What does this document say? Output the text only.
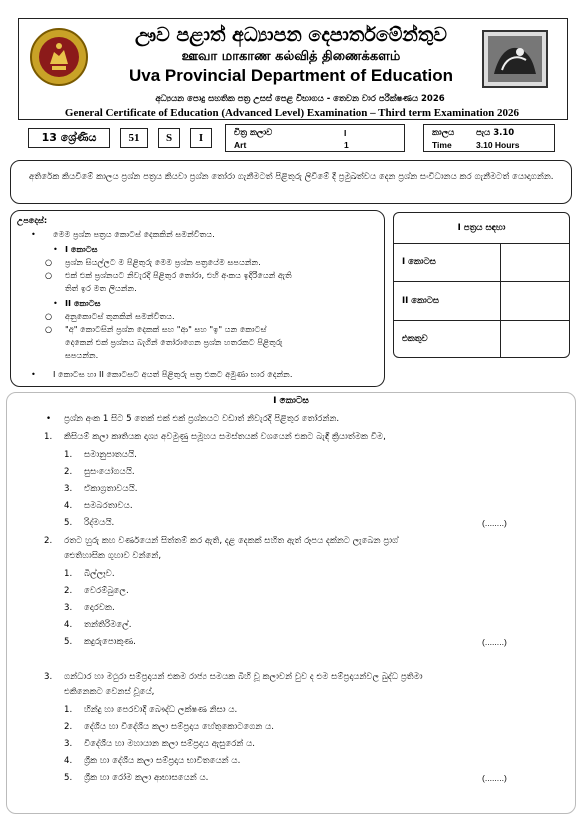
ඌව පළාත් අධ්‍යාපන දෙපාර්තමේන්තුව
ஊவா மாகாண கல்வித் திணைக்களம்
Uva Provincial Department of Education
අධ්‍යයන පොදු සහතික පත්‍ර උසස් පෙළ විභාගය - තෙවන වාර පරීක්ෂණය 2026
General Certificate of Education (Advanced Level) Examination – Third term Examination 2026
13 ශ්‍රේණිය	51	S	I	චිත්‍ර කලාව
Art
I
1
කාලය	පැය 3.10
Time	3.10 Hours

අතිරේක කියවීමේ කාලය ප්‍රශ්න පත්‍රය කියවා ප්‍රශ්න තෝරා ගැනීමටත් පිළිතුරු ලිවීමේ දී ප්‍රමුඛත්වය දෙන ප්‍රශ්න සංවිධානය කර ගැනීමටත් යොදාගන්න.

උපදෙස්:
• මෙම ප්‍රශ්න පත්‍රය කොටස් දෙකකින් සමන්විතය.
• I කොටස
○ ප්‍රශ්න සියල්ලට ම පිළිතුරු මෙම ප්‍රශ්න පත්‍රයේම සපයන්න.
○ එක් එක් ප්‍රශ්නයට නිවැරදි පිළිතුර තෝරා, එහි අංකය ඉදිරියෙන් ඇති
තිත් ඉර මත ලියන්න.
• II කොටස
○ අනුකොටස් තුනකින් සමන්විතය.
○ "අ" කොටසින් ප්‍රශ්න දෙකක් සහ "ආ" සහ "ඉ" යන කොටස්
දෙකෙන් එක් ප්‍රශ්නය බැගින් තෝරාගෙන ප්‍රශ්න හතරකට පිළිතුරු
සපයන්න.
• I කොටස හා II කොටසට අයත් පිළිතුරු පත්‍ර එකට අමුණා භාර දෙන්න.
I පත්‍රය සඳහා	
I කොටස	
II කොටස	
එකතුව	
I කොටස
• ප්‍රශ්න අංක 1 සිට 5 තෙක් එක් එක් ප්‍රශ්නයට වඩාත් නිවැරදි පිළිතුර තෝරන්න.
1. කිසියම් කලා කෘතියක දෘශ්‍ය අවමුණු සමූහය සමස්තයක් වශයෙන් එකට බැඳී ක්‍රියාත්මක වීම,
1. සමානුපාතයයි.
2. සුසංයෝගයයි.
3. ඒකාග්‍රතාවයයි.
4. සමබරතාවය.
5. රිද්මයයි.	(........)
2. රතට හුරු කහ වර්ණයෙන් සිත්තම් කර ඇති, දළ දෙකක් සහිත ඇත් රූපය දක්නට ලැබෙන ප්‍රාග්
ඓතිහාසික ගුහාව වන්නේ,
1. බිල්ලෑව.
2. වෙරම්බුලෙ.
3. දොරවක.
4. තන්තිරිමලේ.
5. කදුරුපොකුණ.	(........)
3. ගන්ධාර හා මථුරා සම්ප්‍රදායන් එකම රාජ්‍ය සමයක බිහි වූ කලාවන් වුව ද එම සම්ප්‍රදායන්වල බුද්ධ ප්‍රතිමා
එකිනෙකට වෙනස් වූයේ,
1. හින්දු හා පෙරවාදී බෞද්ධ ලක්ෂණ නිසා ය.
2. දේශීය හා විදේශීය කලා සම්ප්‍රදාය හේතුකොටගෙන ය.
3. විදේශීය හා මහායාන කලා සම්ප්‍රදාය ඇසුරෙන් ය.
4. ග්‍රීක හා දේශීය කලා සම්ප්‍රදාය භාවිතයෙන් ය.
5. ග්‍රීක හා රෝම කලා ආභාසයෙන් ය.	(........)
